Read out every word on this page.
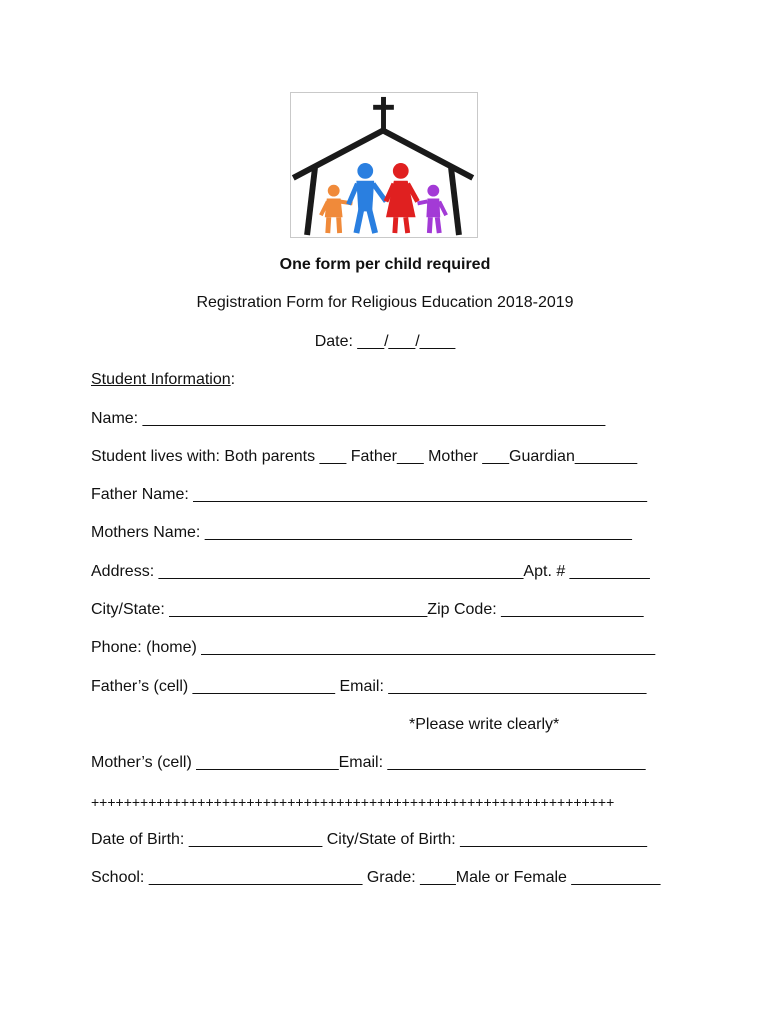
One form per child required
Registration Form for Religious Education 2018-2019
Date: ___/___/____
Student Information:
Name: ____________________________________________________
Student lives with: Both parents ___ Father___ Mother ___Guardian_______
Father Name: ___________________________________________________
Mothers Name: ________________________________________________
Address: _________________________________________Apt. # _________
City/State: _____________________________Zip Code: ________________
Phone: (home) ___________________________________________________
Father’s (cell) ________________ Email: _____________________________
*Please write clearly*
Mother’s (cell) ________________Email: _____________________________
++++++++++++++++++++++++++++++++++++++++++++++++++++++++++++++++
Date of Birth: _______________ City/State of Birth: _____________________
School: ________________________ Grade: ____Male or Female __________
